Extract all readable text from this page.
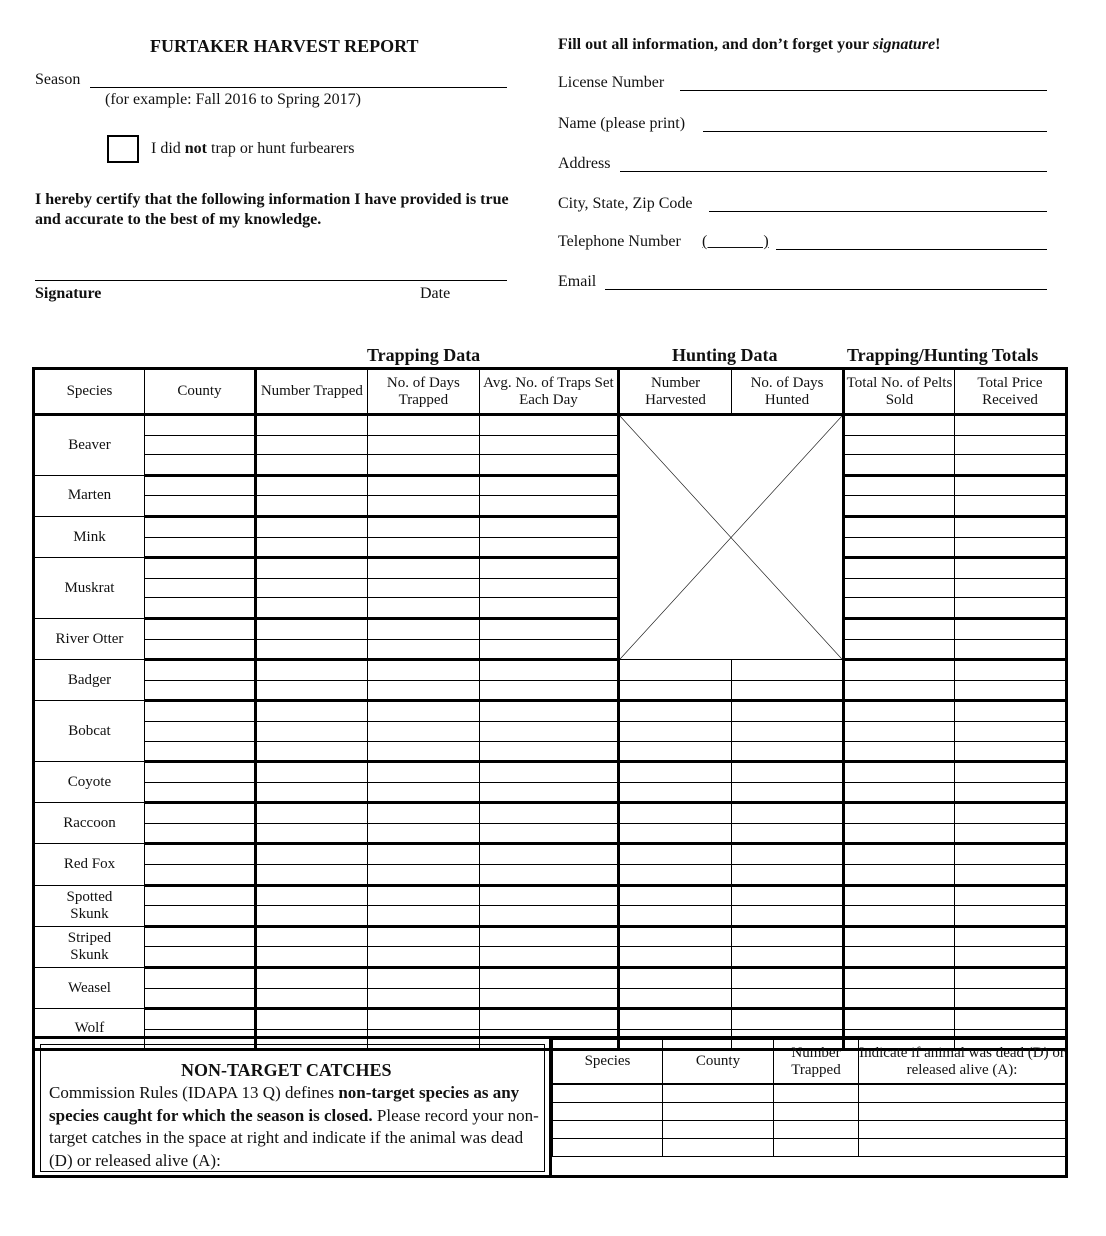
FURTAKER HARVEST REPORT
Season
(for example: Fall 2016 to Spring 2017)
I did not trap or hunt furbearers
I hereby certify that the following information I have provided is true and accurate to the best of my knowledge.
Signature	Date
Fill out all information, and don’t forget your signature!
License Number
Name (please print)
Address
City, State, Zip Code
Telephone Number (              )
Email
Trapping Data	Hunting Data	Trapping/Hunting Totals
Species	County	Number Trapped	No. of Days Trapped	Avg. No. of Traps Set Each Day	Number Harvested	No. of Days Hunted	Total No. of Pelts Sold	Total Price Received
Beaver					

Marten								

Mink								

Muskrat								

River Otter								

Badger								

Bobcat								

Coyote								

Raccoon								

Red Fox								

Spotted
Skunk								

Striped
Skunk								

Weasel								

Wolf								

NON-TARGET CATCHES
Commission Rules (IDAPA 13 Q) defines non-target species as any species caught for which the season is closed. Please record your non-target catches in the space at right and indicate if the animal was dead (D) or released alive (A):
Species	County	Number Trapped	Indicate if animal was dead (D) or released alive (A):
